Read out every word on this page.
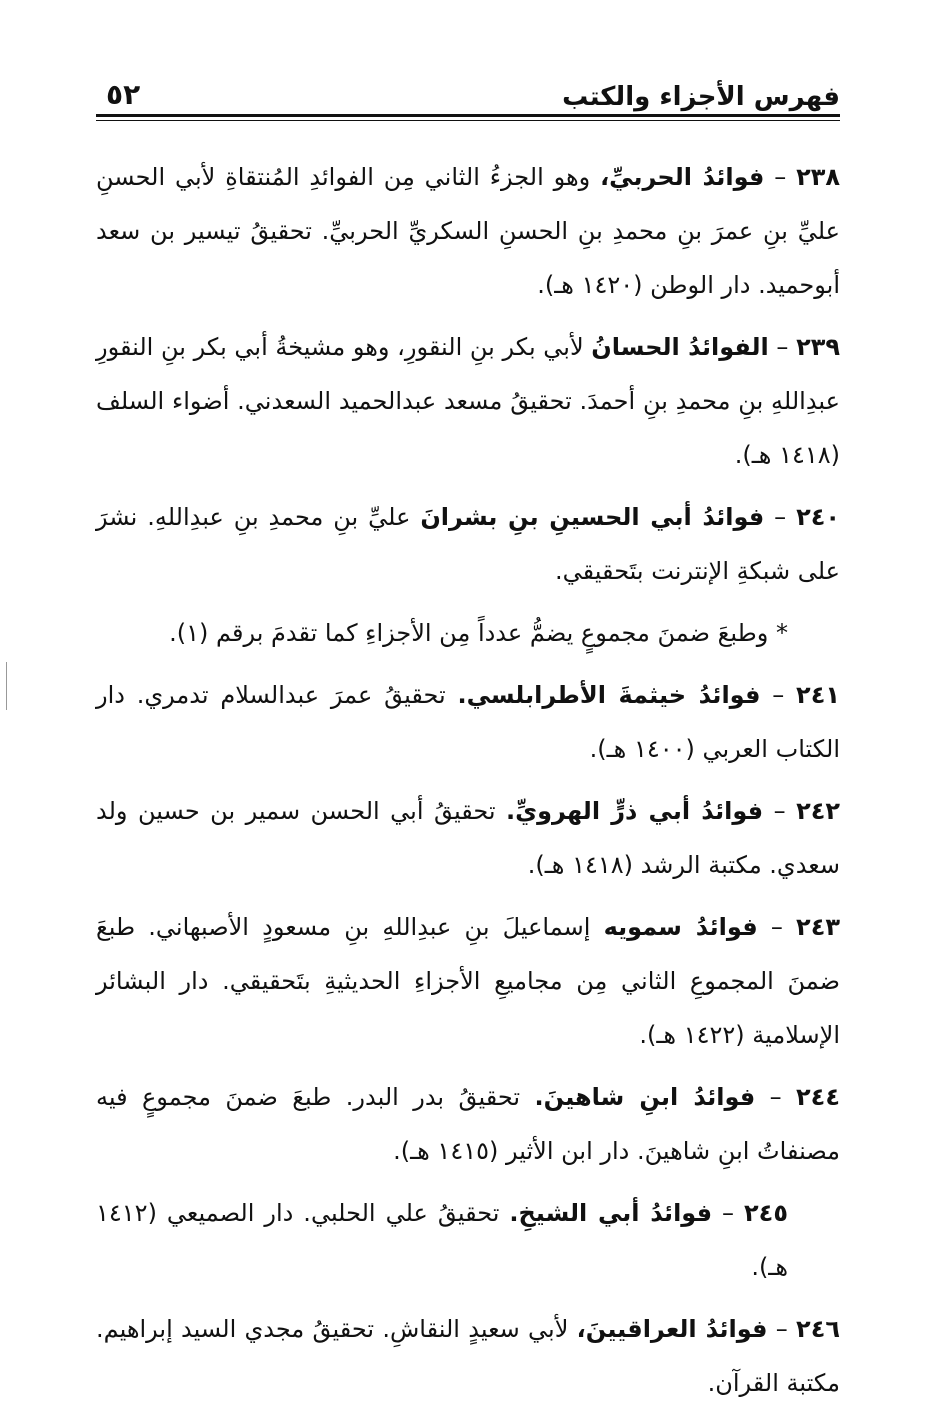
فهرس الأجزاء والكتب
٥٢

٢٣٨ – فوائدُ الحربيِّ، وهو الجزءُ الثاني مِن الفوائدِ المُنتقاةِ لأبي الحسنِ عليِّ بنِ عمرَ بنِ محمدِ بنِ الحسنِ السكريِّ الحربيِّ. تحقيقُ تيسير بن سعد أبوحميد. دار الوطن (١٤٢٠ هـ).

٢٣٩ – الفوائدُ الحسانُ لأبي بكر بنِ النقورِ، وهو مشيخةُ أبي بكر بنِ النقورِ عبدِاللهِ بنِ محمدِ بنِ أحمدَ. تحقيقُ مسعد عبدالحميد السعدني. أضواء السلف (١٤١٨ هـ).

٢٤٠ – فوائدُ أبي الحسينِ بنِ بشرانَ عليِّ بنِ محمدِ بنِ عبدِاللهِ. نشرَ على شبكةِ الإنترنت بتَحقيقي.

* وطبعَ ضمنَ مجموعٍ يضمُّ عدداً مِن الأجزاءِ كما تقدمَ برقم (١).

٢٤١ – فوائدُ خيثمةَ الأطرابلسي. تحقيقُ عمرَ عبدالسلام تدمري. دار الكتاب العربي (١٤٠٠ هـ).

٢٤٢ – فوائدُ أبي ذرٍّ الهرويِّ. تحقيقُ أبي الحسن سمير بن حسين ولد سعدي. مكتبة الرشد (١٤١٨ هـ).

٢٤٣ – فوائدُ سمويه إسماعيلَ بنِ عبدِاللهِ بنِ مسعودٍ الأصبهاني. طبعَ ضمنَ المجموعِ الثاني مِن مجاميعِ الأجزاءِ الحديثيةِ بتَحقيقي. دار البشائر الإسلامية (١٤٢٢ هـ).

٢٤٤ – فوائدُ ابنِ شاهينَ. تحقيقُ بدر البدر. طبعَ ضمنَ مجموعٍ فيه مصنفاتُ ابنِ شاهينَ. دار ابن الأثير (١٤١٥ هـ).

٢٤٥ – فوائدُ أبي الشيخِ. تحقيقُ علي الحلبي. دار الصميعي (١٤١٢ هـ).

٢٤٦ – فوائدُ العراقيينَ، لأبي سعيدٍ النقاشِ. تحقيقُ مجدي السيد إبراهيم. مكتبة القرآن.
